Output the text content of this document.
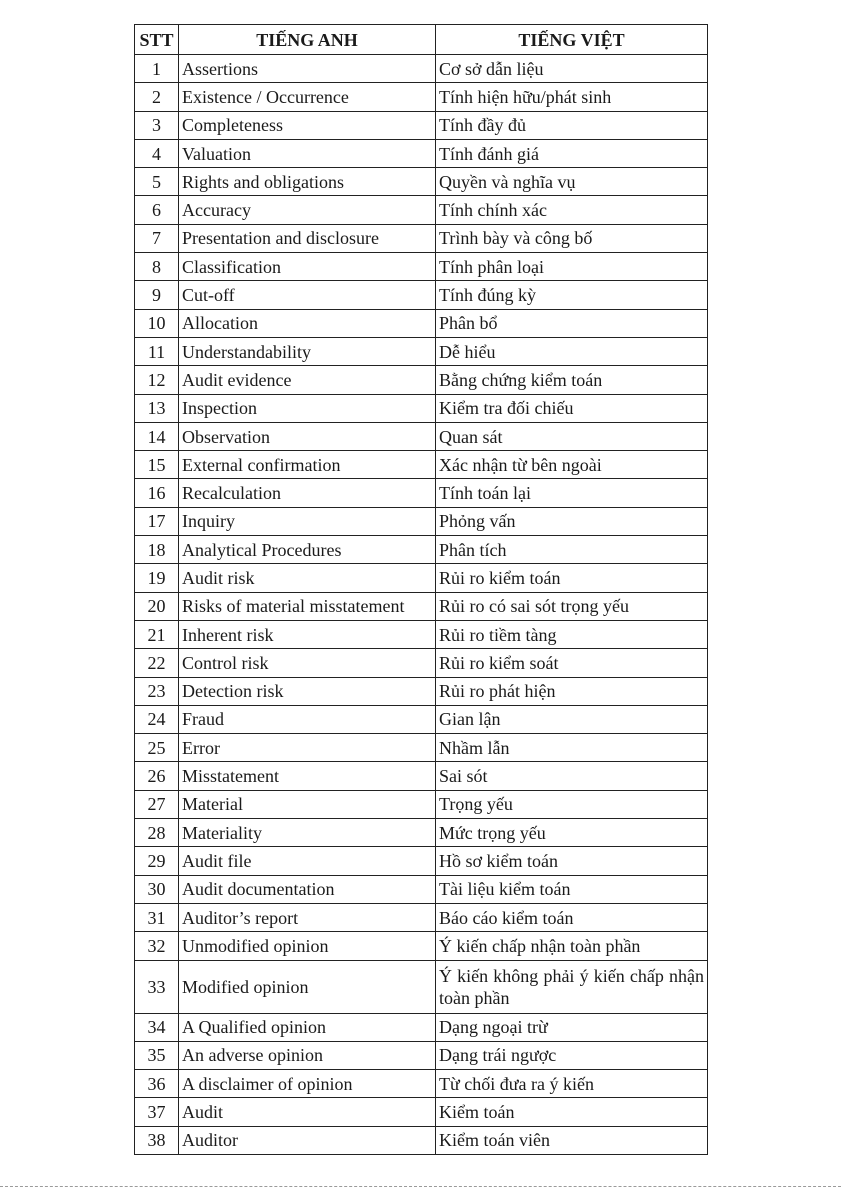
STT	TIẾNG ANH	TIẾNG VIỆT
1	Assertions	Cơ sở dẫn liệu
2	Existence / Occurrence	Tính hiện hữu/phát sinh
3	Completeness	Tính đầy đủ
4	Valuation	Tính đánh giá
5	Rights and obligations	Quyền và nghĩa vụ
6	Accuracy	Tính chính xác
7	Presentation and disclosure	Trình bày và công bố
8	Classification	Tính phân loại
9	Cut-off	Tính đúng kỳ
10	Allocation	Phân bổ
11	Understandability	Dễ hiểu
12	Audit evidence	Bằng chứng kiểm toán
13	Inspection	Kiểm tra đối chiếu
14	Observation	Quan sát
15	External confirmation	Xác nhận từ bên ngoài
16	Recalculation	Tính toán lại
17	Inquiry	Phỏng vấn
18	Analytical Procedures	Phân tích
19	Audit risk	Rủi ro kiểm toán
20	Risks of material misstatement	Rủi ro có sai sót trọng yếu
21	Inherent risk	Rủi ro tiềm tàng
22	Control risk	Rủi ro kiểm soát
23	Detection risk	Rủi ro phát hiện
24	Fraud	Gian lận
25	Error	Nhầm lẫn
26	Misstatement	Sai sót
27	Material	Trọng yếu
28	Materiality	Mức trọng yếu
29	Audit file	Hồ sơ kiểm toán
30	Audit documentation	Tài liệu kiểm toán
31	Auditor’s report	Báo cáo kiểm toán
32	Unmodified opinion	Ý kiến chấp nhận toàn phần
33	Modified opinion	Ý kiến không phải ý kiến chấp nhận toàn phần
34	A Qualified opinion	Dạng ngoại trừ
35	An adverse opinion	Dạng trái ngược
36	A disclaimer of opinion	Từ chối đưa ra ý kiến
37	Audit	Kiểm toán
38	Auditor	Kiểm toán viên
